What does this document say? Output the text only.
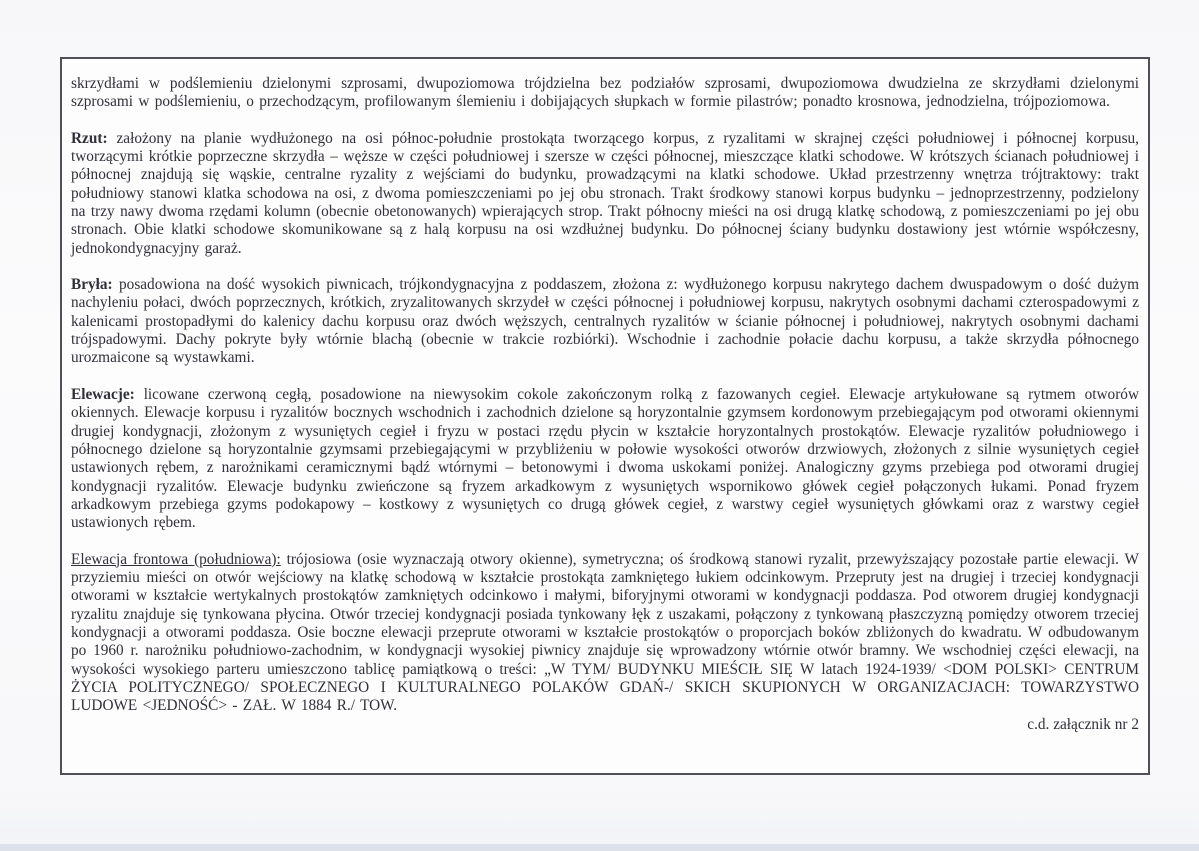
skrzydłami w podślemieniu dzielonymi szprosami, dwupoziomowa trójdzielna bez podziałów szprosami, dwupoziomowa dwudzielna ze skrzydłami dzielonymi szprosami w podślemieniu, o przechodzącym, profilowanym ślemieniu i dobijających słupkach w formie pilastrów; ponadto krosnowa, jednodzielna, trójpoziomowa.

Rzut: założony na planie wydłużonego na osi północ-południe prostokąta tworzącego korpus, z ryzalitami w skrajnej części południowej i północnej korpusu, tworzącymi krótkie poprzeczne skrzydła – węższe w części południowej i szersze w części północnej, mieszczące klatki schodowe. W krótszych ścianach południowej i północnej znajdują się wąskie, centralne ryzality z wejściami do budynku, prowadzącymi na klatki schodowe. Układ przestrzenny wnętrza trójtraktowy: trakt południowy stanowi klatka schodowa na osi, z dwoma pomieszczeniami po jej obu stronach. Trakt środkowy stanowi korpus budynku – jednoprzestrzenny, podzielony na trzy nawy dwoma rzędami kolumn (obecnie obetonowanych) wpierających strop. Trakt północny mieści na osi drugą klatkę schodową, z pomieszczeniami po jej obu stronach. Obie klatki schodowe skomunikowane są z halą korpusu na osi wzdłużnej budynku. Do północnej ściany budynku dostawiony jest wtórnie współczesny, jednokondygnacyjny garaż.

Bryła: posadowiona na dość wysokich piwnicach, trójkondygnacyjna z poddaszem, złożona z: wydłużonego korpusu nakrytego dachem dwuspadowym o dość dużym nachyleniu połaci, dwóch poprzecznych, krótkich, zryzalitowanych skrzydeł w części północnej i południowej korpusu, nakrytych osobnymi dachami czterospadowymi z kalenicami prostopadłymi do kalenicy dachu korpusu oraz dwóch węższych, centralnych ryzalitów w ścianie północnej i południowej, nakrytych osobnymi dachami trójspadowymi. Dachy pokryte były wtórnie blachą (obecnie w trakcie rozbiórki). Wschodnie i zachodnie połacie dachu korpusu, a także skrzydła północnego urozmaicone są wystawkami.

Elewacje: licowane czerwoną cegłą, posadowione na niewysokim cokole zakończonym rolką z fazowanych cegieł. Elewacje artykułowane są rytmem otworów okiennych. Elewacje korpusu i ryzalitów bocznych wschodnich i zachodnich dzielone są horyzontalnie gzymsem kordonowym przebiegającym pod otworami okiennymi drugiej kondygnacji, złożonym z wysuniętych cegieł i fryzu w postaci rzędu płycin w kształcie horyzontalnych prostokątów. Elewacje ryzalitów południowego i północnego dzielone są horyzontalnie gzymsami przebiegającymi w przybliżeniu w połowie wysokości otworów drzwiowych, złożonych z silnie wysuniętych cegieł ustawionych rębem, z narożnikami ceramicznymi bądź wtórnymi – betonowymi i dwoma uskokami poniżej. Analogiczny gzyms przebiega pod otworami drugiej kondygnacji ryzalitów. Elewacje budynku zwieńczone są fryzem arkadkowym z wysuniętych wspornikowo główek cegieł połączonych łukami. Ponad fryzem arkadkowym przebiega gzyms podokapowy – kostkowy z wysuniętych co drugą główek cegieł, z warstwy cegieł wysuniętych główkami oraz z warstwy cegieł ustawionych rębem.

Elewacja frontowa (południowa): trójosiowa (osie wyznaczają otwory okienne), symetryczna; oś środkową stanowi ryzalit, przewyższający pozostałe partie elewacji. W przyziemiu mieści on otwór wejściowy na klatkę schodową w kształcie prostokąta zamkniętego łukiem odcinkowym. Przepruty jest na drugiej i trzeciej kondygnacji otworami w kształcie wertykalnych prostokątów zamkniętych odcinkowo i małymi, biforyjnymi otworami w kondygnacji poddasza. Pod otworem drugiej kondygnacji ryzalitu znajduje się tynkowana płycina. Otwór trzeciej kondygnacji posiada tynkowany łęk z uszakami, połączony z tynkowaną płaszczyzną pomiędzy otworem trzeciej kondygnacji a otworami poddasza. Osie boczne elewacji przeprute otworami w kształcie prostokątów o proporcjach boków zbliżonych do kwadratu. W odbudowanym po 1960 r. narożniku południowo-zachodnim, w kondygnacji wysokiej piwnicy znajduje się wprowadzony wtórnie otwór bramny. We wschodniej części elewacji, na wysokości wysokiego parteru umieszczono tablicę pamiątkową o treści: „W TYM/ BUDYNKU MIEŚCIŁ SIĘ W latach 1924-1939/ <DOM POLSKI> CENTRUM ŻYCIA POLITYCZNEGO/ SPOŁECZNEGO I KULTURALNEGO POLAKÓW GDAŃ-/ SKICH SKUPIONYCH W ORGANIZACJACH: TOWARZYSTWO LUDOWE <JEDNOŚĆ> - ZAŁ. W 1884 R./ TOW.

c.d. załącznik nr 2
